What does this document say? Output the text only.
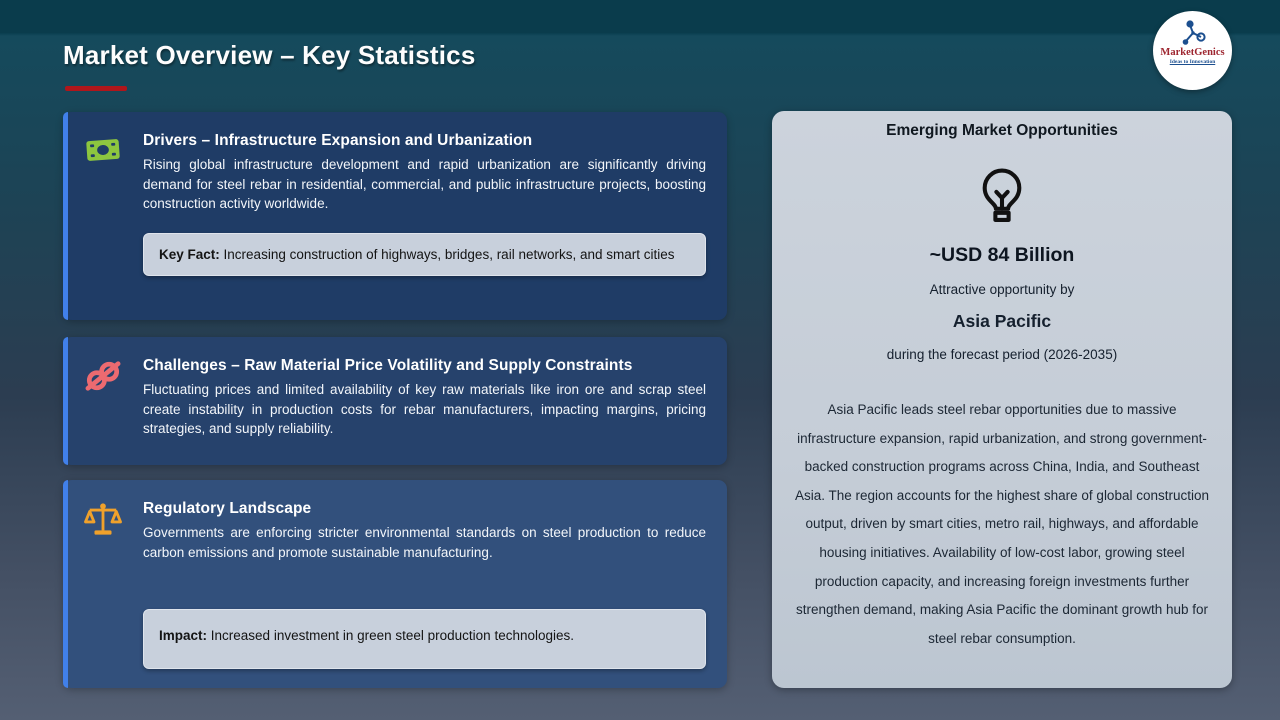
Market Overview – Key Statistics	MarketGenics
Ideas to Innovation
Drivers – Infrastructure Expansion and Urbanization

Rising global infrastructure development and rapid urbanization are significantly driving demand for steel rebar in residential, commercial, and public infrastructure projects, boosting construction activity worldwide.

Key Fact: Increasing construction of highways, bridges, rail networks, and smart cities
Challenges – Raw Material Price Volatility and Supply Constraints

Fluctuating prices and limited availability of key raw materials like iron ore and scrap steel create instability in production costs for rebar manufacturers, impacting margins, pricing strategies, and supply reliability.

Regulatory Landscape

Governments are enforcing stricter environmental standards on steel production to reduce carbon emissions and promote sustainable manufacturing.

Impact: Increased investment in green steel production technologies.
Emerging Market Opportunities
~USD 84 Billion
Attractive opportunity by
Asia Pacific
during the forecast period (2026-2035)

Asia Pacific leads steel rebar opportunities due to massive infrastructure expansion, rapid urbanization, and strong government-backed construction programs across China, India, and Southeast Asia. The region accounts for the highest share of global construction output, driven by smart cities, metro rail, highways, and affordable housing initiatives. Availability of low-cost labor, growing steel production capacity, and increasing foreign investments further strengthen demand, making Asia Pacific the dominant growth hub for steel rebar consumption.
